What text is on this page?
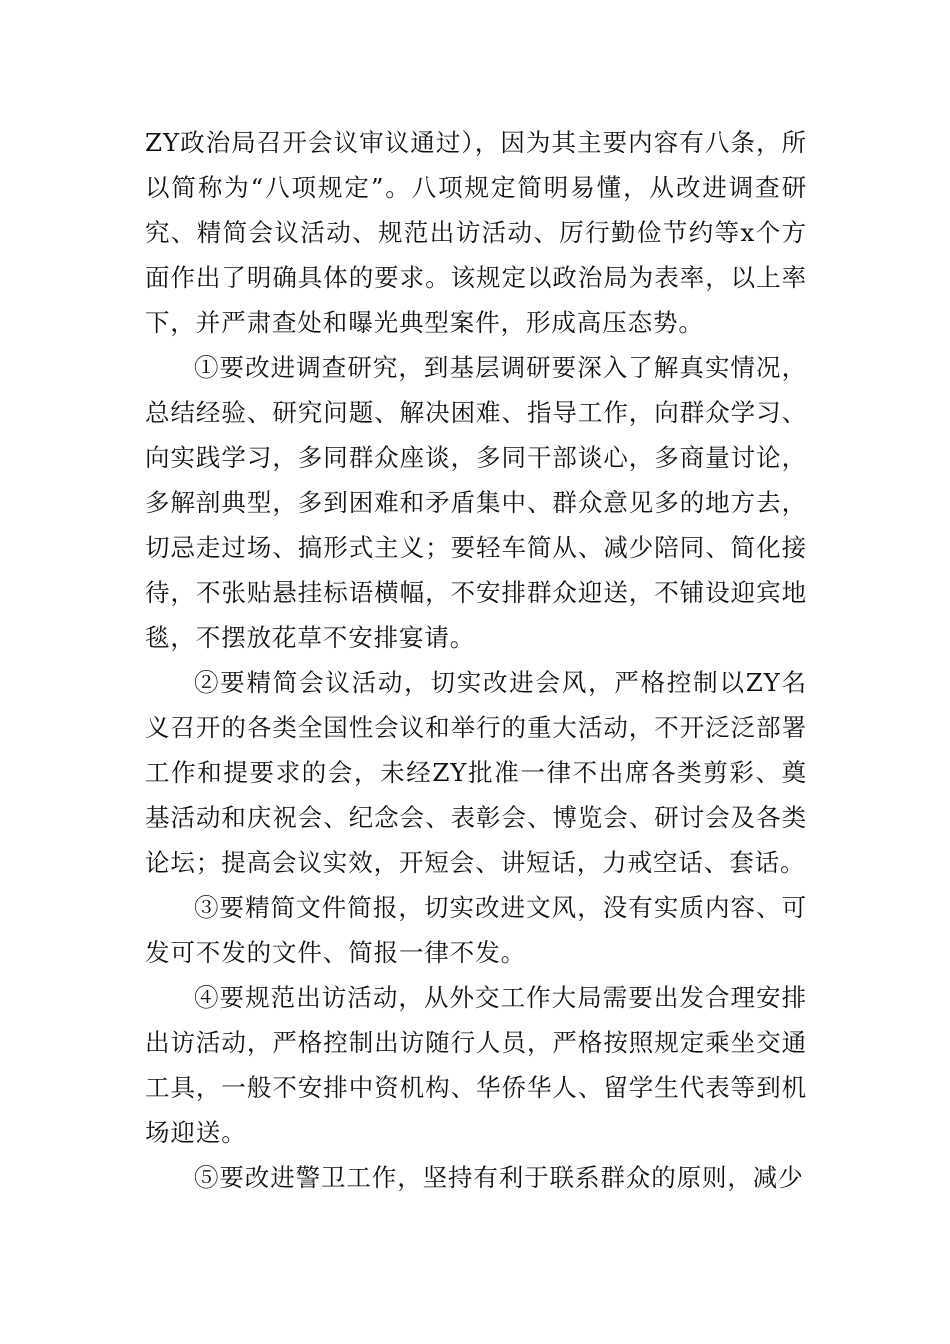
ZY政治局召开会议审议通过），因为其主要内容有八条，所以简称为“八项规定”。八项规定简明易懂，从改进调查研究、精简会议活动、规范出访活动、厉行勤俭节约等x个方面作出了明确具体的要求。该规定以政治局为表率，以上率下，并严肃查处和曝光典型案件，形成高压态势。

①要改进调查研究，到基层调研要深入了解真实情况，总结经验、研究问题、解决困难、指导工作，向群众学习、向实践学习，多同群众座谈，多同干部谈心，多商量讨论，多解剖典型，多到困难和矛盾集中、群众意见多的地方去，切忌走过场、搞形式主义；要轻车简从、减少陪同、简化接待，不张贴悬挂标语横幅，不安排群众迎送，不铺设迎宾地毯，不摆放花草不安排宴请。

②要精简会议活动，切实改进会风，严格控制以ZY名义召开的各类全国性会议和举行的重大活动，不开泛泛部署工作和提要求的会，未经ZY批准一律不出席各类剪彩、奠基活动和庆祝会、纪念会、表彰会、博览会、研讨会及各类论坛；提高会议实效，开短会、讲短话，力戒空话、套话。

③要精简文件简报，切实改进文风，没有实质内容、可发可不发的文件、简报一律不发。

④要规范出访活动，从外交工作大局需要出发合理安排出访活动，严格控制出访随行人员，严格按照规定乘坐交通工具，一般不安排中资机构、华侨华人、留学生代表等到机场迎送。

⑤要改进警卫工作，坚持有利于联系群众的原则，减少
